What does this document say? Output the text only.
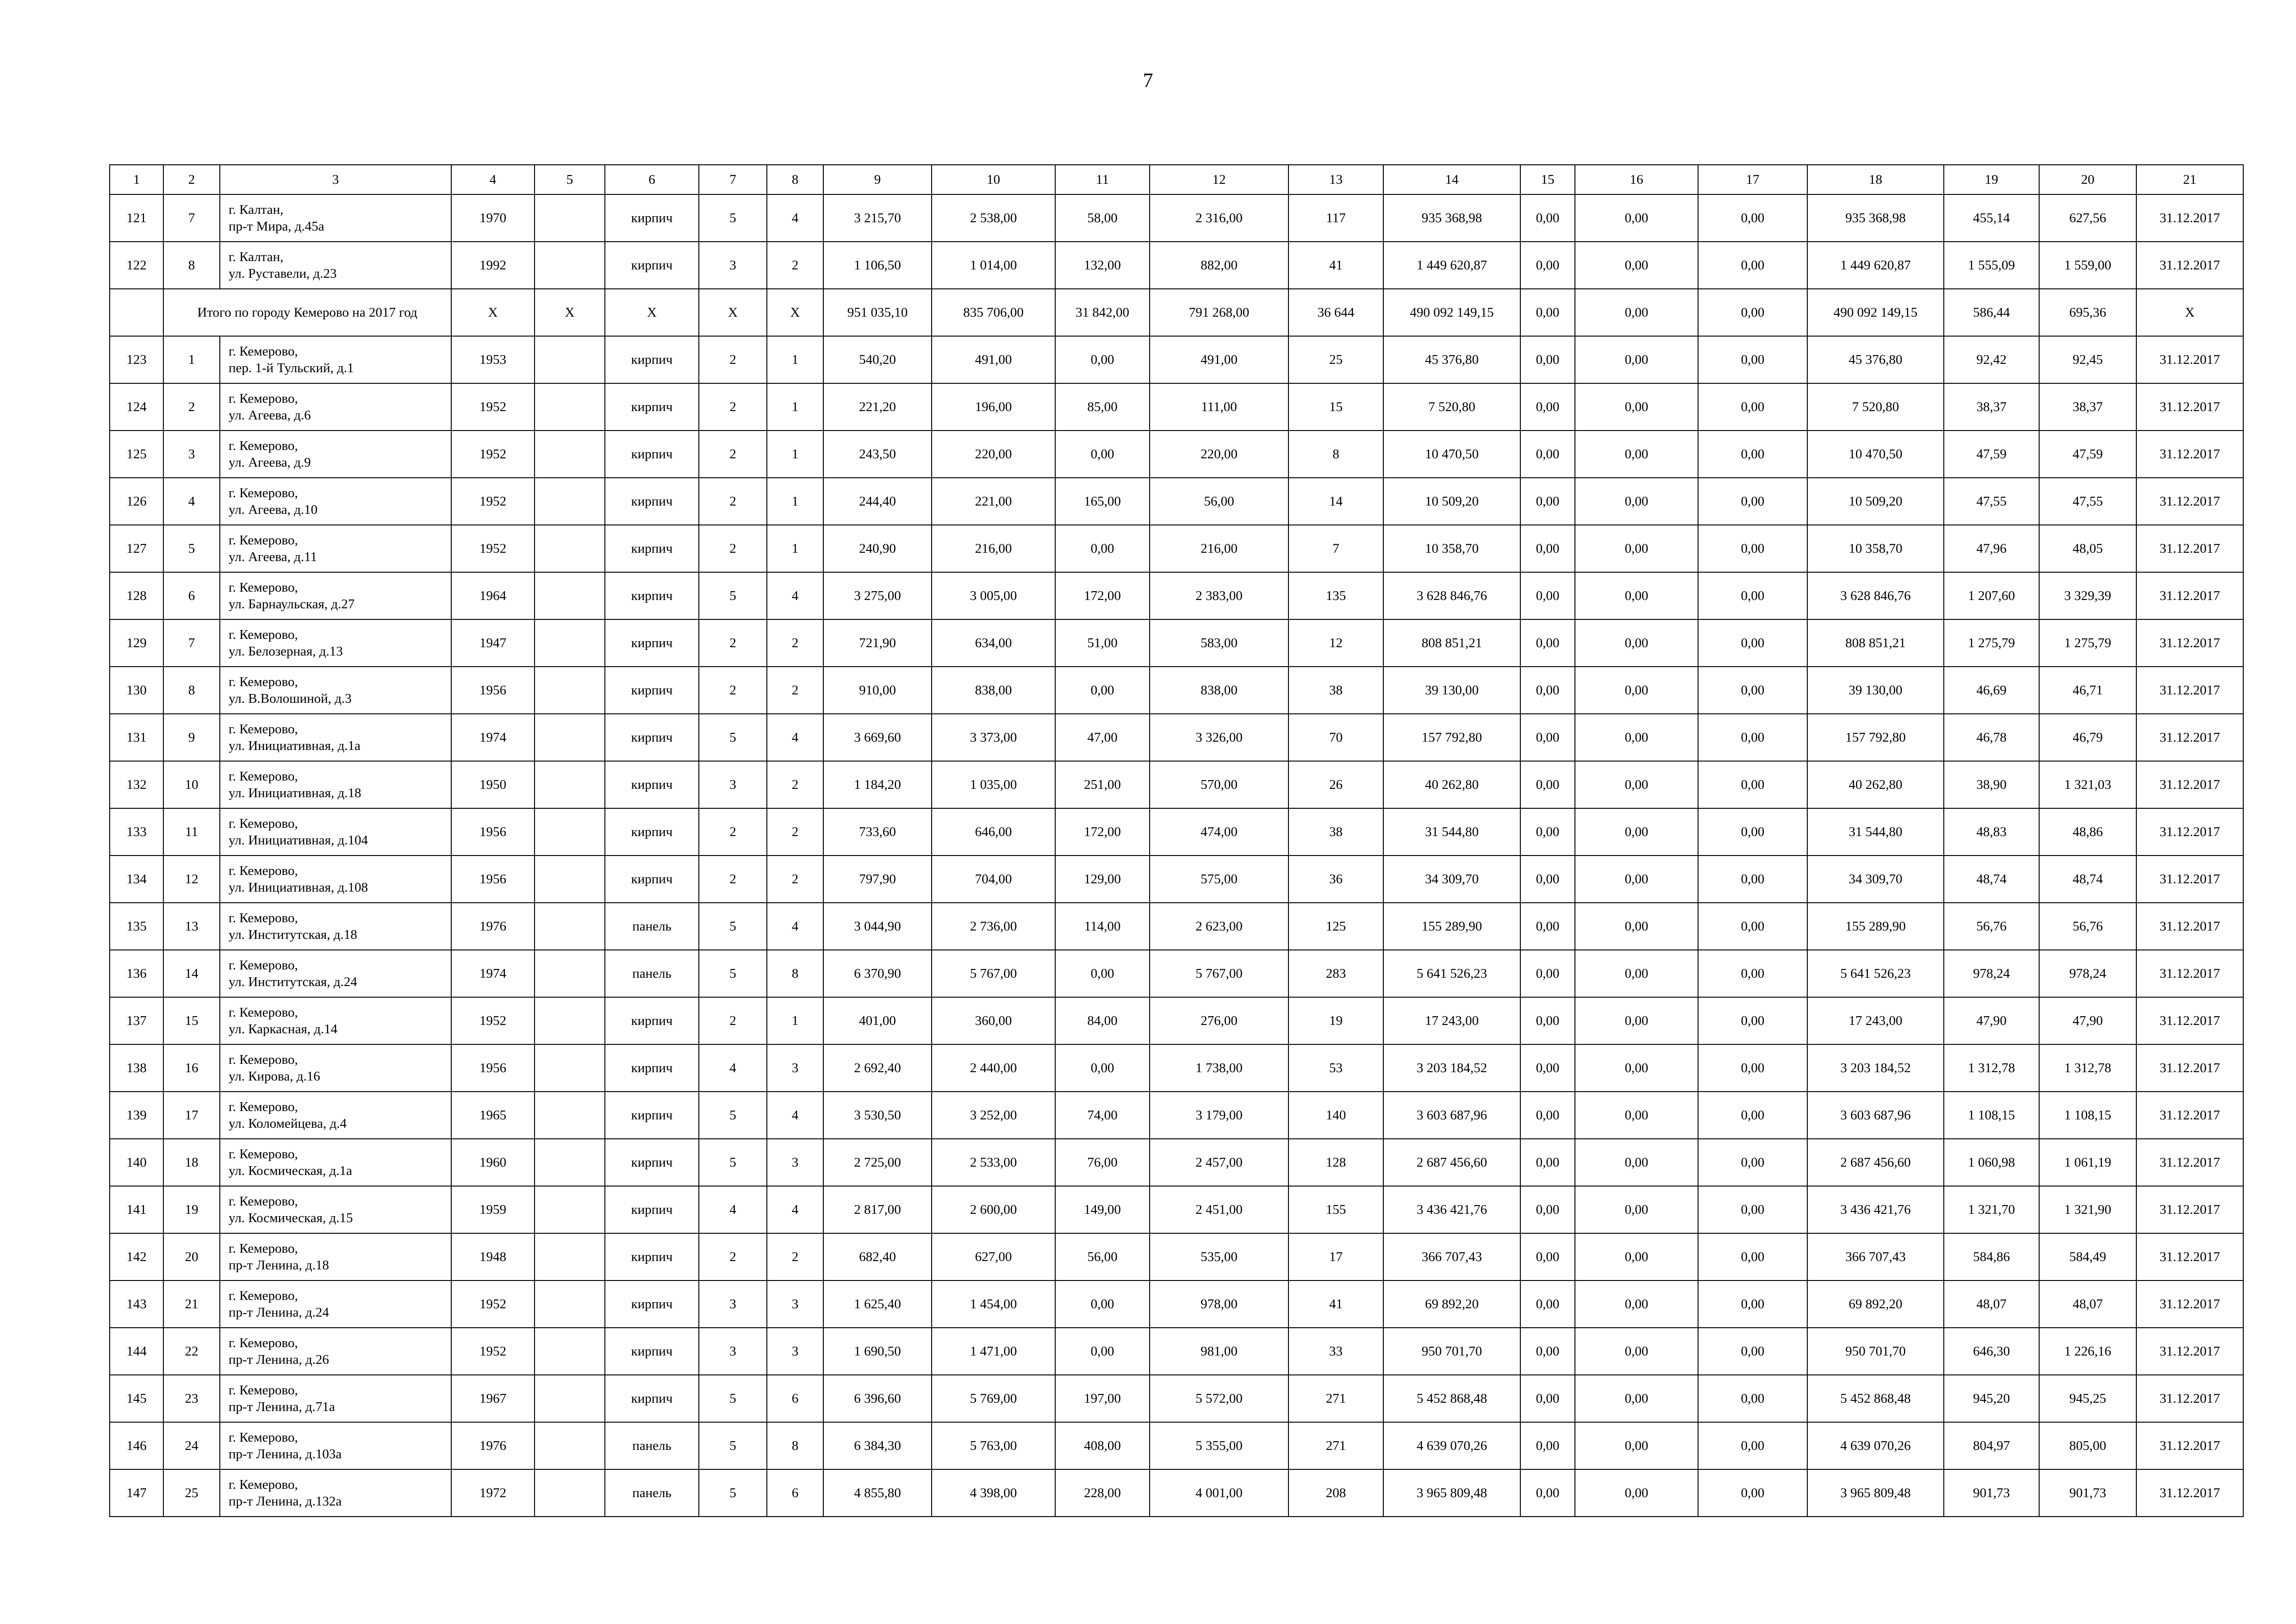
7
1	2	3	4	5	6	7	8	9	10	11	12	13	14	15	16	17	18	19	20	21
121	7	г. Калтан,
пр-т Мира, д.45а	1970		кирпич	5	4	3 215,70	2 538,00	58,00	2 316,00	117	935 368,98	0,00	0,00	0,00	935 368,98	455,14	627,56	31.12.2017
122	8	г. Калтан,
ул. Руставели, д.23	1992		кирпич	3	2	1 106,50	1 014,00	132,00	882,00	41	1 449 620,87	0,00	0,00	0,00	1 449 620,87	1 555,09	1 559,00	31.12.2017
	Итого по городу Кемерово на 2017 год		X	X	X	X	X	951 035,10	835 706,00	31 842,00	791 268,00	36 644	490 092 149,15	0,00	0,00	0,00	490 092 149,15	586,44	695,36	X
123	1	г. Кемерово,
пер. 1-й Тульский, д.1	1953		кирпич	2	1	540,20	491,00	0,00	491,00	25	45 376,80	0,00	0,00	0,00	45 376,80	92,42	92,45	31.12.2017
124	2	г. Кемерово,
ул. Агеева, д.6	1952		кирпич	2	1	221,20	196,00	85,00	111,00	15	7 520,80	0,00	0,00	0,00	7 520,80	38,37	38,37	31.12.2017
125	3	г. Кемерово,
ул. Агеева, д.9	1952		кирпич	2	1	243,50	220,00	0,00	220,00	8	10 470,50	0,00	0,00	0,00	10 470,50	47,59	47,59	31.12.2017
126	4	г. Кемерово,
ул. Агеева, д.10	1952		кирпич	2	1	244,40	221,00	165,00	56,00	14	10 509,20	0,00	0,00	0,00	10 509,20	47,55	47,55	31.12.2017
127	5	г. Кемерово,
ул. Агеева, д.11	1952		кирпич	2	1	240,90	216,00	0,00	216,00	7	10 358,70	0,00	0,00	0,00	10 358,70	47,96	48,05	31.12.2017
128	6	г. Кемерово,
ул. Барнаульская, д.27	1964		кирпич	5	4	3 275,00	3 005,00	172,00	2 383,00	135	3 628 846,76	0,00	0,00	0,00	3 628 846,76	1 207,60	3 329,39	31.12.2017
129	7	г. Кемерово,
ул. Белозерная, д.13	1947		кирпич	2	2	721,90	634,00	51,00	583,00	12	808 851,21	0,00	0,00	0,00	808 851,21	1 275,79	1 275,79	31.12.2017
130	8	г. Кемерово,
ул. В.Волошиной, д.3	1956		кирпич	2	2	910,00	838,00	0,00	838,00	38	39 130,00	0,00	0,00	0,00	39 130,00	46,69	46,71	31.12.2017
131	9	г. Кемерово,
ул. Инициативная, д.1а	1974		кирпич	5	4	3 669,60	3 373,00	47,00	3 326,00	70	157 792,80	0,00	0,00	0,00	157 792,80	46,78	46,79	31.12.2017
132	10	г. Кемерово,
ул. Инициативная, д.18	1950		кирпич	3	2	1 184,20	1 035,00	251,00	570,00	26	40 262,80	0,00	0,00	0,00	40 262,80	38,90	1 321,03	31.12.2017
133	11	г. Кемерово,
ул. Инициативная, д.104	1956		кирпич	2	2	733,60	646,00	172,00	474,00	38	31 544,80	0,00	0,00	0,00	31 544,80	48,83	48,86	31.12.2017
134	12	г. Кемерово,
ул. Инициативная, д.108	1956		кирпич	2	2	797,90	704,00	129,00	575,00	36	34 309,70	0,00	0,00	0,00	34 309,70	48,74	48,74	31.12.2017
135	13	г. Кемерово,
ул. Институтская, д.18	1976		панель	5	4	3 044,90	2 736,00	114,00	2 623,00	125	155 289,90	0,00	0,00	0,00	155 289,90	56,76	56,76	31.12.2017
136	14	г. Кемерово,
ул. Институтская, д.24	1974		панель	5	8	6 370,90	5 767,00	0,00	5 767,00	283	5 641 526,23	0,00	0,00	0,00	5 641 526,23	978,24	978,24	31.12.2017
137	15	г. Кемерово,
ул. Каркасная, д.14	1952		кирпич	2	1	401,00	360,00	84,00	276,00	19	17 243,00	0,00	0,00	0,00	17 243,00	47,90	47,90	31.12.2017
138	16	г. Кемерово,
ул. Кирова, д.16	1956		кирпич	4	3	2 692,40	2 440,00	0,00	1 738,00	53	3 203 184,52	0,00	0,00	0,00	3 203 184,52	1 312,78	1 312,78	31.12.2017
139	17	г. Кемерово,
ул. Коломейцева, д.4	1965		кирпич	5	4	3 530,50	3 252,00	74,00	3 179,00	140	3 603 687,96	0,00	0,00	0,00	3 603 687,96	1 108,15	1 108,15	31.12.2017
140	18	г. Кемерово,
ул. Космическая, д.1а	1960		кирпич	5	3	2 725,00	2 533,00	76,00	2 457,00	128	2 687 456,60	0,00	0,00	0,00	2 687 456,60	1 060,98	1 061,19	31.12.2017
141	19	г. Кемерово,
ул. Космическая, д.15	1959		кирпич	4	4	2 817,00	2 600,00	149,00	2 451,00	155	3 436 421,76	0,00	0,00	0,00	3 436 421,76	1 321,70	1 321,90	31.12.2017
142	20	г. Кемерово,
пр-т Ленина, д.18	1948		кирпич	2	2	682,40	627,00	56,00	535,00	17	366 707,43	0,00	0,00	0,00	366 707,43	584,86	584,49	31.12.2017
143	21	г. Кемерово,
пр-т Ленина, д.24	1952		кирпич	3	3	1 625,40	1 454,00	0,00	978,00	41	69 892,20	0,00	0,00	0,00	69 892,20	48,07	48,07	31.12.2017
144	22	г. Кемерово,
пр-т Ленина, д.26	1952		кирпич	3	3	1 690,50	1 471,00	0,00	981,00	33	950 701,70	0,00	0,00	0,00	950 701,70	646,30	1 226,16	31.12.2017
145	23	г. Кемерово,
пр-т Ленина, д.71а	1967		кирпич	5	6	6 396,60	5 769,00	197,00	5 572,00	271	5 452 868,48	0,00	0,00	0,00	5 452 868,48	945,20	945,25	31.12.2017
146	24	г. Кемерово,
пр-т Ленина, д.103а	1976		панель	5	8	6 384,30	5 763,00	408,00	5 355,00	271	4 639 070,26	0,00	0,00	0,00	4 639 070,26	804,97	805,00	31.12.2017
147	25	г. Кемерово,
пр-т Ленина, д.132а	1972		панель	5	6	4 855,80	4 398,00	228,00	4 001,00	208	3 965 809,48	0,00	0,00	0,00	3 965 809,48	901,73	901,73	31.12.2017
